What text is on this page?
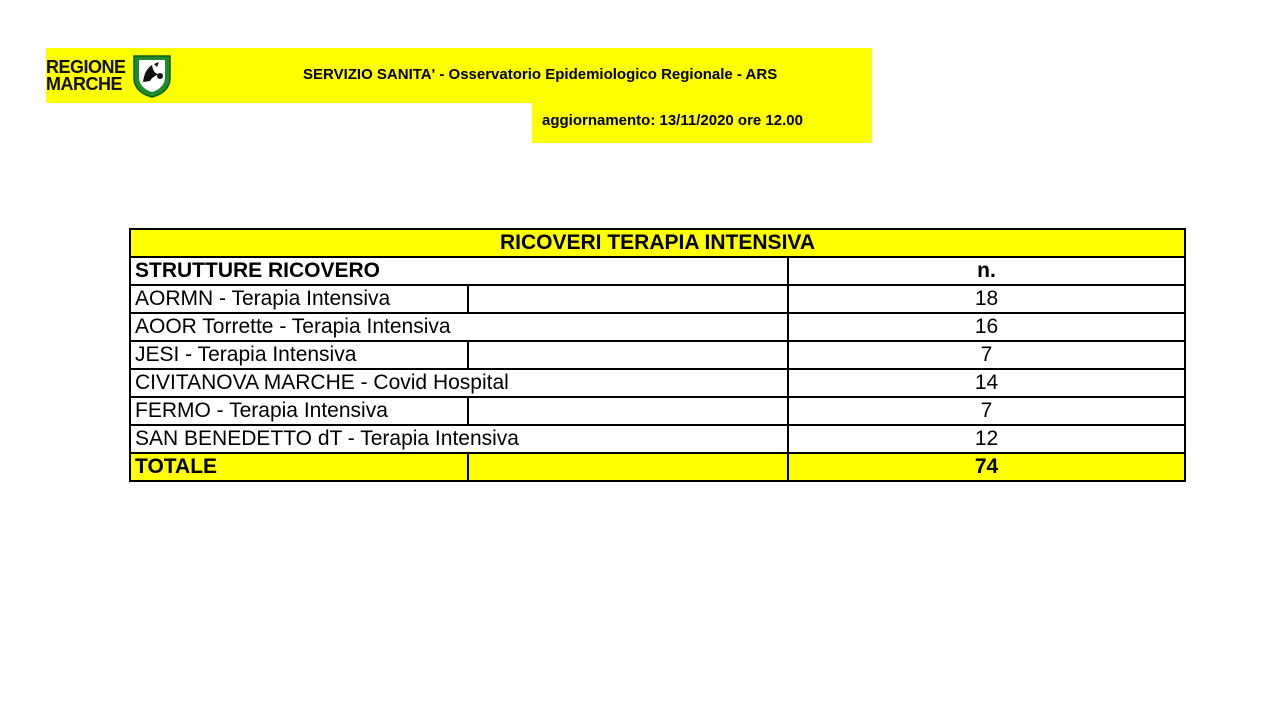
REGIONE
MARCHE	SERVIZIO SANITA' - Osservatorio Epidemiologico Regionale - ARS
aggiornamento: 13/11/2020 ore 12.00
RICOVERI TERAPIA INTENSIVA		
STRUTTURE RICOVERO		n.
AORMN - Terapia Intensiva		18
AOOR Torrette - Terapia Intensiva		16
JESI - Terapia Intensiva		7
CIVITANOVA MARCHE - Covid Hospital		14
FERMO - Terapia Intensiva		7
SAN BENEDETTO dT - Terapia Intensiva		12
TOTALE		74
